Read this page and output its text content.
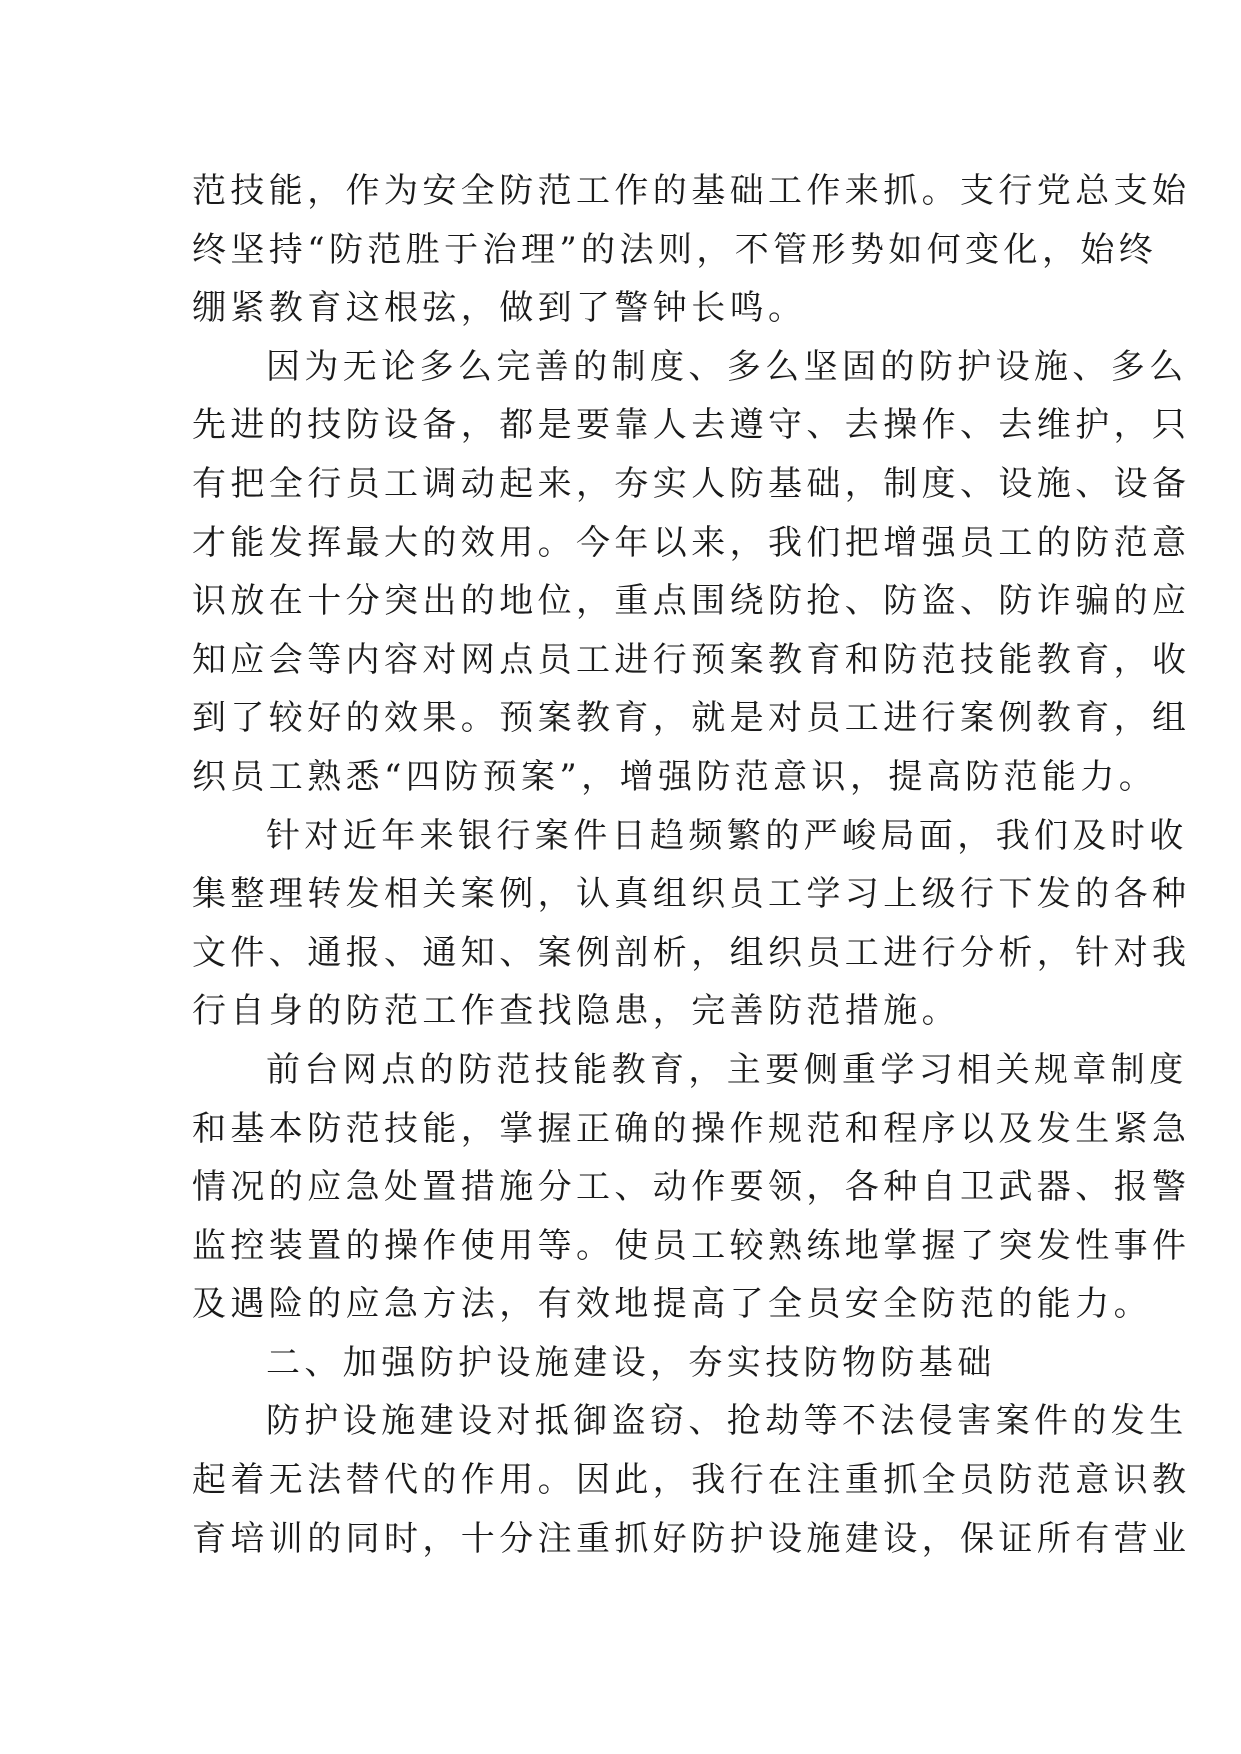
范技能，作为安全防范工作的基础工作来抓。支行党总支始
终坚持“防范胜于治理”的法则，不管形势如何变化，始终
绷紧教育这根弦，做到了警钟长鸣。
因为无论多么完善的制度、多么坚固的防护设施、多么
先进的技防设备，都是要靠人去遵守、去操作、去维护，只
有把全行员工调动起来，夯实人防基础，制度、设施、设备
才能发挥最大的效用。今年以来，我们把增强员工的防范意
识放在十分突出的地位，重点围绕防抢、防盗、防诈骗的应
知应会等内容对网点员工进行预案教育和防范技能教育，收
到了较好的效果。预案教育，就是对员工进行案例教育，组
织员工熟悉“四防预案”，增强防范意识，提高防范能力。
针对近年来银行案件日趋频繁的严峻局面，我们及时收
集整理转发相关案例，认真组织员工学习上级行下发的各种
文件、通报、通知、案例剖析，组织员工进行分析，针对我
行自身的防范工作查找隐患，完善防范措施。
前台网点的防范技能教育，主要侧重学习相关规章制度
和基本防范技能，掌握正确的操作规范和程序以及发生紧急
情况的应急处置措施分工、动作要领，各种自卫武器、报警
监控装置的操作使用等。使员工较熟练地掌握了突发性事件
及遇险的应急方法，有效地提高了全员安全防范的能力。
二、加强防护设施建设，夯实技防物防基础
防护设施建设对抵御盗窃、抢劫等不法侵害案件的发生
起着无法替代的作用。因此，我行在注重抓全员防范意识教
育培训的同时，十分注重抓好防护设施建设，保证所有营业
